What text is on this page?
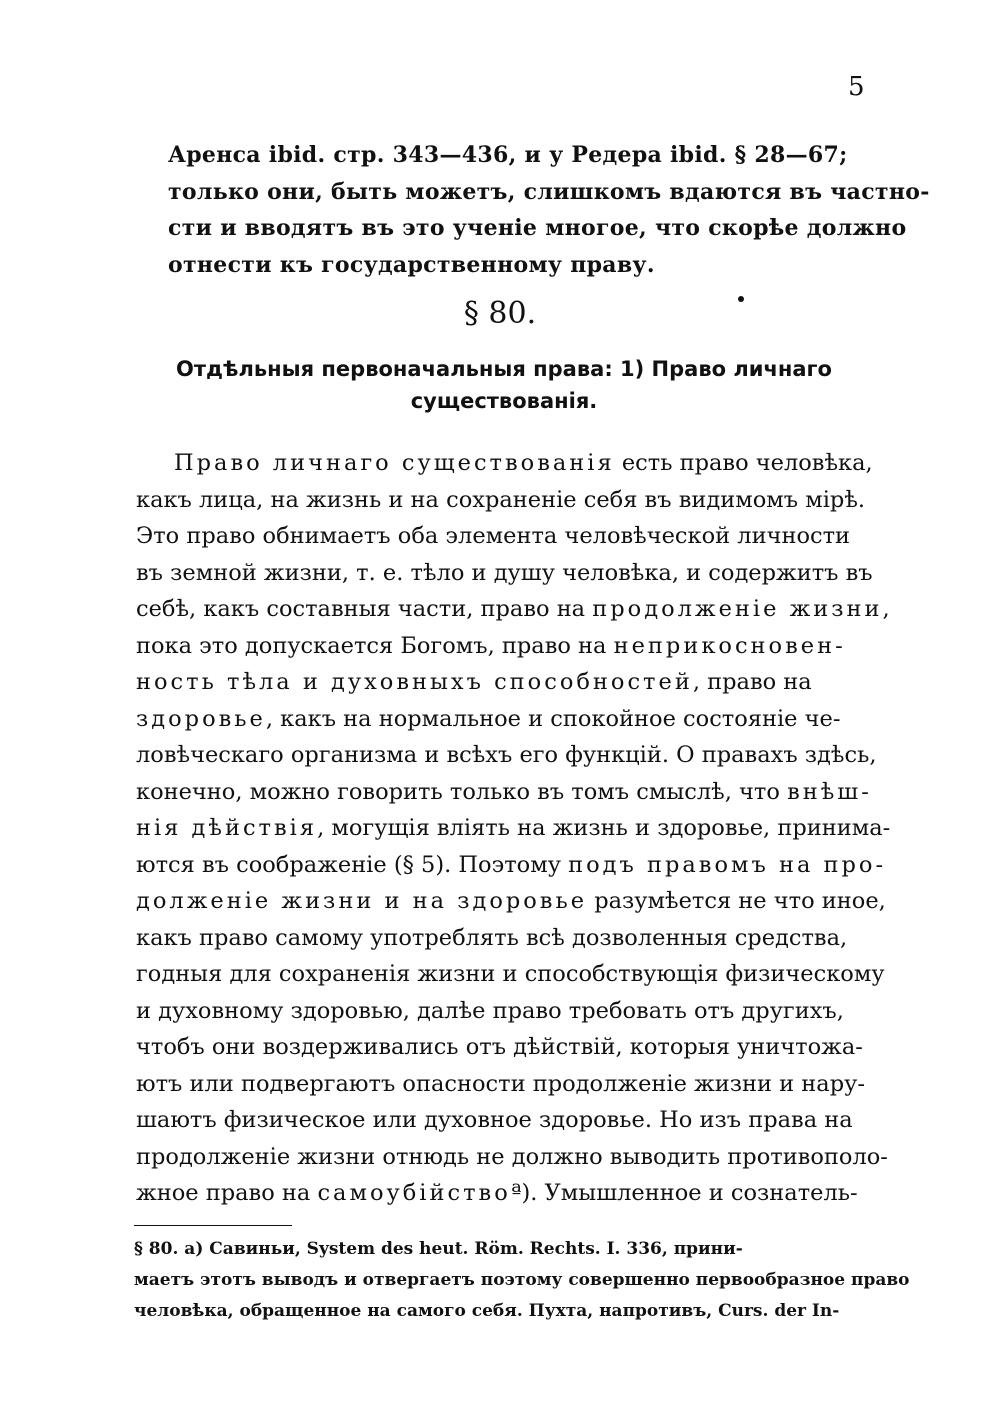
5
Аренса ibid. стр. 343—436, и у Редера ibid. § 28—67;
только они, быть можетъ, слишкомъ вдаются въ частно-
сти и вводятъ въ это ученіе многое, что скорѣе должно
отнести къ государственному праву.
§ 80.
Отдѣльныя первоначальныя права: 1) Право личнаго
существованія.
Право личнаго существованія есть право человѣка,
какъ лица, на жизнь и на сохраненіе себя въ видимомъ мірѣ.
Это право обнимаетъ оба элемента человѣческой личности
въ земной жизни, т. е. тѣло и душу человѣка, и содержитъ въ
себѣ, какъ составныя части, право на продолженіе жизни,
пока это допускается Богомъ, право на неприкосновен-
ность тѣла и духовныхъ способностей, право на
здоровье, какъ на нормальное и спокойное состояніе че-
ловѣческаго организма и всѣхъ его функцій. О правахъ здѣсь,
конечно, можно говорить только въ томъ смыслѣ, что внѣш-
нія дѣйствія, могущія вліять на жизнь и здоровье, принима-
ются въ соображеніе (§ 5). Поэтому подъ правомъ на про-
долженіе жизни и на здоровье разумѣется не что иное,
какъ право самому употреблять всѣ дозволенныя средства,
годныя для сохраненія жизни и способствующія физическому
и духовному здоровью, далѣе право требовать отъ другихъ,
чтобъ они воздерживались отъ дѣйствій, которыя уничтожа-
ютъ или подвергаютъ опасности продолженіе жизни и нару-
шаютъ физическое или духовное здоровье. Но изъ права на
продолженіе жизни отнюдь не должно выводить противополо-
жное право на самоубійствоª). Умышленное и сознатель-
§ 80. а) Савиньи, System des heut. Röm. Rechts. I. 336, прини-
маетъ этотъ выводъ и отвергаетъ поэтому совершенно первообразное право
человѣка, обращенное на самого себя. Пухта, напротивъ, Curs. der In-
